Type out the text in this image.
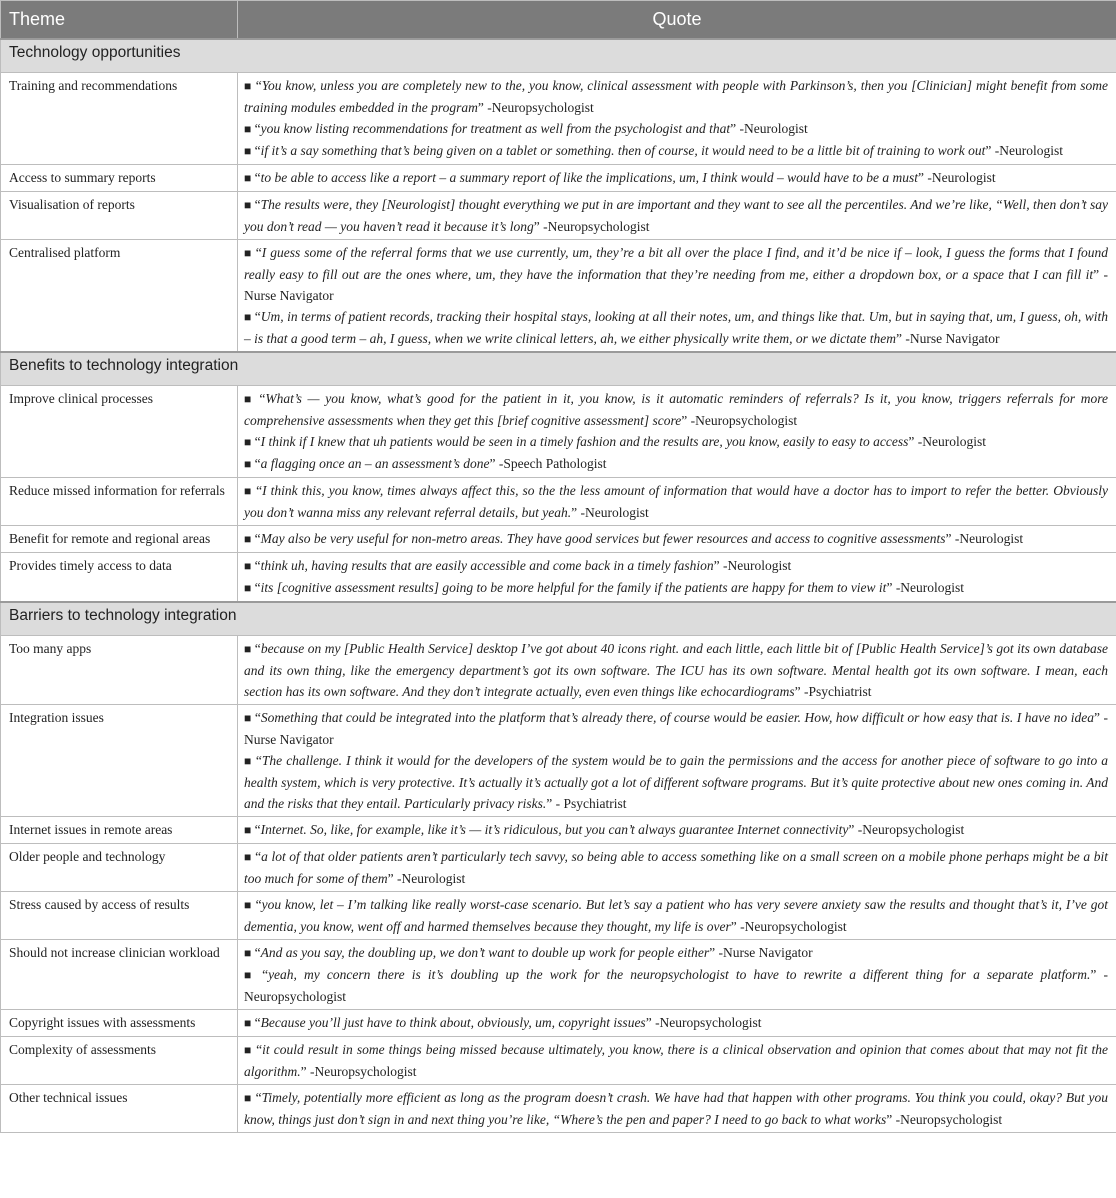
Theme	Quote
Technology opportunities	
Training and recommendations	■ “You know, unless you are completely new to the, you know, clinical assessment with people with Parkinson’s, then you [Clinician] might benefit from some training modules embedded in the program” -Neuropsychologist
■ “you know listing recommendations for treatment as well from the psychologist and that” -Neurologist
■ “if it’s a say something that’s being given on a tablet or something. then of course, it would need to be a little bit of training to work out” -Neurologist

Access to summary reports	■ “to be able to access like a report – a summary report of like the implications, um, I think would – would have to be a must” -Neurologist

Visualisation of reports	■ “The results were, they [Neurologist] thought everything we put in are important and they want to see all the percentiles. And we’re like, “Well, then don’t say you don’t read — you haven’t read it because it’s long” -Neuropsychologist

Centralised platform	■ “I guess some of the referral forms that we use currently, um, they’re a bit all over the place I find, and it’d be nice if – look, I guess the forms that I found really easy to fill out are the ones where, um, they have the information that they’re needing from me, either a dropdown box, or a space that I can fill it” -Nurse Navigator
■ “Um, in terms of patient records, tracking their hospital stays, looking at all their notes, um, and things like that. Um, but in saying that, um, I guess, oh, with – is that a good term – ah, I guess, when we write clinical letters, ah, we either physically write them, or we dictate them” -Nurse Navigator

Benefits to technology integration	
Improve clinical processes	■ “What’s — you know, what’s good for the patient in it, you know, is it automatic reminders of referrals? Is it, you know, triggers referrals for more comprehensive assessments when they get this [brief cognitive assessment] score” -Neuropsychologist
■ “I think if I knew that uh patients would be seen in a timely fashion and the results are, you know, easily to easy to access” -Neurologist
■ “a flagging once an – an assessment’s done” -Speech Pathologist

Reduce missed information for referrals	■ “I think this, you know, times always affect this, so the the less amount of information that would have a doctor has to import to refer the better. Obviously you don’t wanna miss any relevant referral details, but yeah.” -Neurologist

Benefit for remote and regional areas	■ “May also be very useful for non-metro areas. They have good services but fewer resources and access to cognitive assessments” -Neurologist

Provides timely access to data	■ “think uh, having results that are easily accessible and come back in a timely fashion” -Neurologist
■ “its [cognitive assessment results] going to be more helpful for the family if the patients are happy for them to view it” -Neurologist

Barriers to technology integration	
Too many apps	■ “because on my [Public Health Service] desktop I’ve got about 40 icons right. and each little, each little bit of [Public Health Service]’s got its own database and its own thing, like the emergency department’s got its own software. The ICU has its own software. Mental health got its own software. I mean, each section has its own software. And they don’t integrate actually, even even things like echocardiograms” -Psychiatrist

Integration issues	■ “Something that could be integrated into the platform that’s already there, of course would be easier. How, how difficult or how easy that is. I have no idea” -Nurse Navigator
■ “The challenge. I think it would for the developers of the system would be to gain the permissions and the access for another piece of software to go into a health system, which is very protective. It’s actually it’s actually got a lot of different software programs. But it’s quite protective about new ones coming in. And and the risks that they entail. Particularly privacy risks.” - Psychiatrist

Internet issues in remote areas	■ “Internet. So, like, for example, like it’s — it’s ridiculous, but you can’t always guarantee Internet connectivity” -Neuropsychologist

Older people and technology	■ “a lot of that older patients aren’t particularly tech savvy, so being able to access something like on a small screen on a mobile phone perhaps might be a bit too much for some of them” -Neurologist

Stress caused by access of results	■ “you know, let – I’m talking like really worst-case scenario. But let’s say a patient who has very severe anxiety saw the results and thought that’s it, I’ve got dementia, you know, went off and harmed themselves because they thought, my life is over” -Neuropsychologist

Should not increase clinician workload	■ “And as you say, the doubling up, we don’t want to double up work for people either” -Nurse Navigator
■ “yeah, my concern there is it’s doubling up the work for the neuropsychologist to have to rewrite a different thing for a separate platform.” -Neuropsychologist

Copyright issues with assessments	■ “Because you’ll just have to think about, obviously, um, copyright issues” -Neuropsychologist

Complexity of assessments	■ “it could result in some things being missed because ultimately, you know, there is a clinical observation and opinion that comes about that may not fit the algorithm.” -Neuropsychologist

Other technical issues	■ “Timely, potentially more efficient as long as the program doesn’t crash. We have had that happen with other programs. You think you could, okay? But you know, things just don’t sign in and next thing you’re like, “Where’s the pen and paper? I need to go back to what works” -Neuropsychologist
